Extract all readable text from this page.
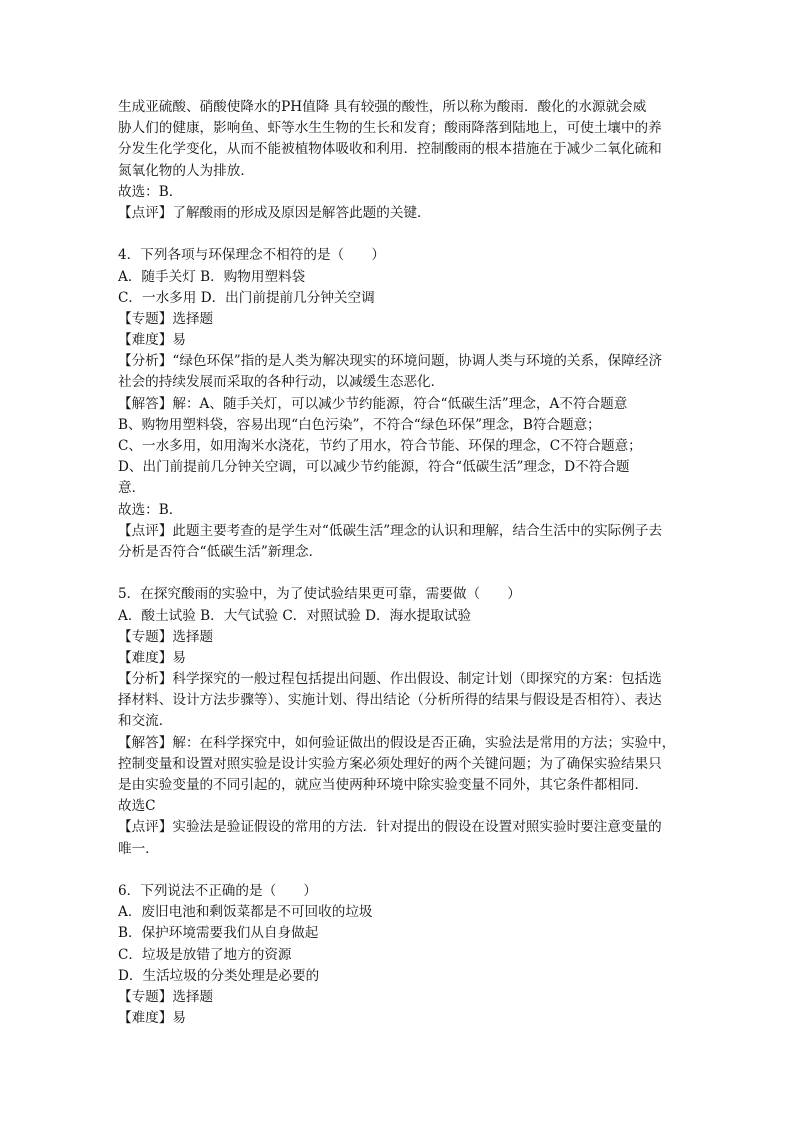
生成亚硫酸、硝酸使降水的PH值降 具有较强的酸性，所以称为酸雨．酸化的水源就会威
胁人们的健康，影响鱼、虾等水生生物的生长和发育；酸雨降落到陆地上，可使土壤中的养
分发生化学变化，从而不能被植物体吸收和利用．控制酸雨的根本措施在于减少二氧化硫和
氮氧化物的人为排放．
故选：B．
【点评】了解酸雨的形成及原因是解答此题的关键．
4．下列各项与环保理念不相符的是（　　）
A．随手关灯 B．购物用塑料袋
C．一水多用 D．出门前提前几分钟关空调
【专题】选择题
【难度】易
【分析】“绿色环保”指的是人类为解决现实的环境问题，协调人类与环境的关系，保障经济
社会的持续发展而采取的各种行动，以减缓生态恶化．
【解答】解：A、随手关灯，可以减少节约能源，符合“低碳生活”理念，A不符合题意
B、购物用塑料袋，容易出现“白色污染”，不符合“绿色环保”理念，B符合题意；
C、一水多用，如用淘米水浇花，节约了用水，符合节能、环保的理念，C不符合题意；
D、出门前提前几分钟关空调，可以减少节约能源，符合“低碳生活”理念，D不符合题
意．
故选：B．
【点评】此题主要考查的是学生对“低碳生活”理念的认识和理解，结合生活中的实际例子去
分析是否符合“低碳生活”新理念．
5．在探究酸雨的实验中，为了使试验结果更可靠，需要做（　　）
A．酸土试验 B．大气试验 C．对照试验 D．海水提取试验
【专题】选择题
【难度】易
【分析】科学探究的一般过程包括提出问题、作出假设、制定计划（即探究的方案：包括选
择材料、设计方法步骤等）、实施计划、得出结论（分析所得的结果与假设是否相符）、表达
和交流．
【解答】解：在科学探究中，如何验证做出的假设是否正确，实验法是常用的方法；实验中，
控制变量和设置对照实验是设计实验方案必须处理好的两个关键问题；为了确保实验结果只
是由实验变量的不同引起的，就应当使两种环境中除实验变量不同外，其它条件都相同．
故选C
【点评】实验法是验证假设的常用的方法．针对提出的假设在设置对照实验时要注意变量的
唯一．
6．下列说法不正确的是（　　）
A．废旧电池和剩饭菜都是不可回收的垃圾
B．保护环境需要我们从自身做起
C．垃圾是放错了地方的资源
D．生活垃圾的分类处理是必要的
【专题】选择题
【难度】易
